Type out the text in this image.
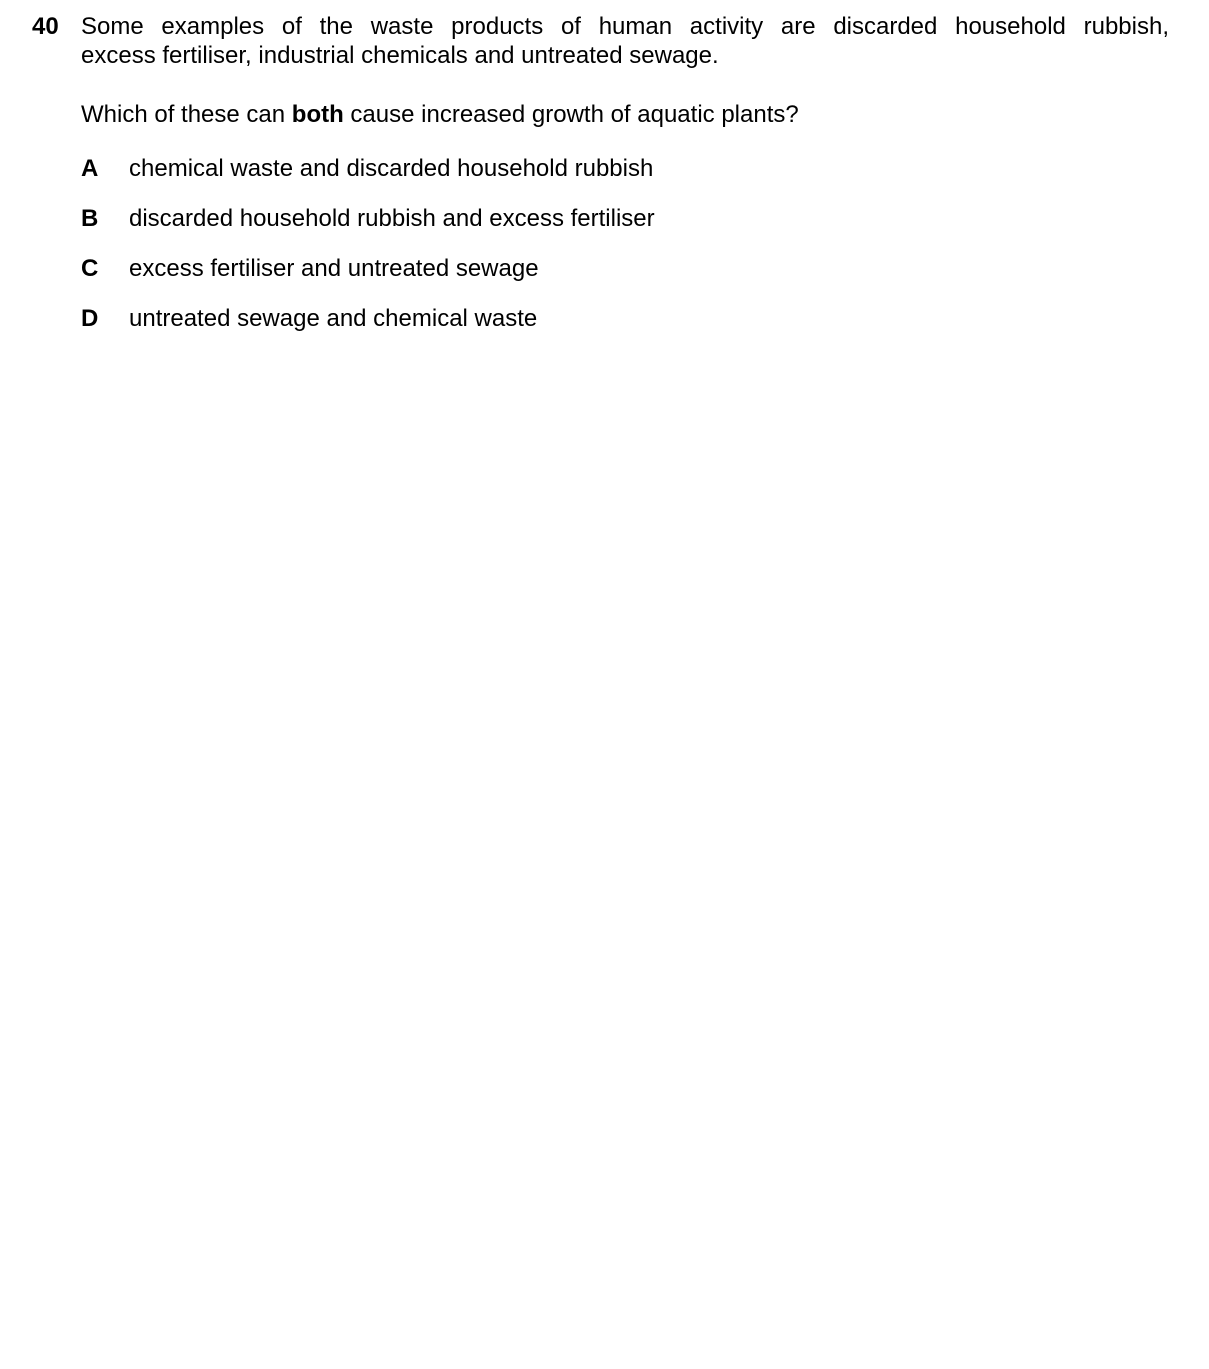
40 Some examples of the waste products of human activity are discarded household rubbish,
excess fertiliser, industrial chemicals and untreated sewage.
Which of these can both cause increased growth of aquatic plants?
A chemical waste and discarded household rubbish
B discarded household rubbish and excess fertiliser
C excess fertiliser and untreated sewage
D untreated sewage and chemical waste
